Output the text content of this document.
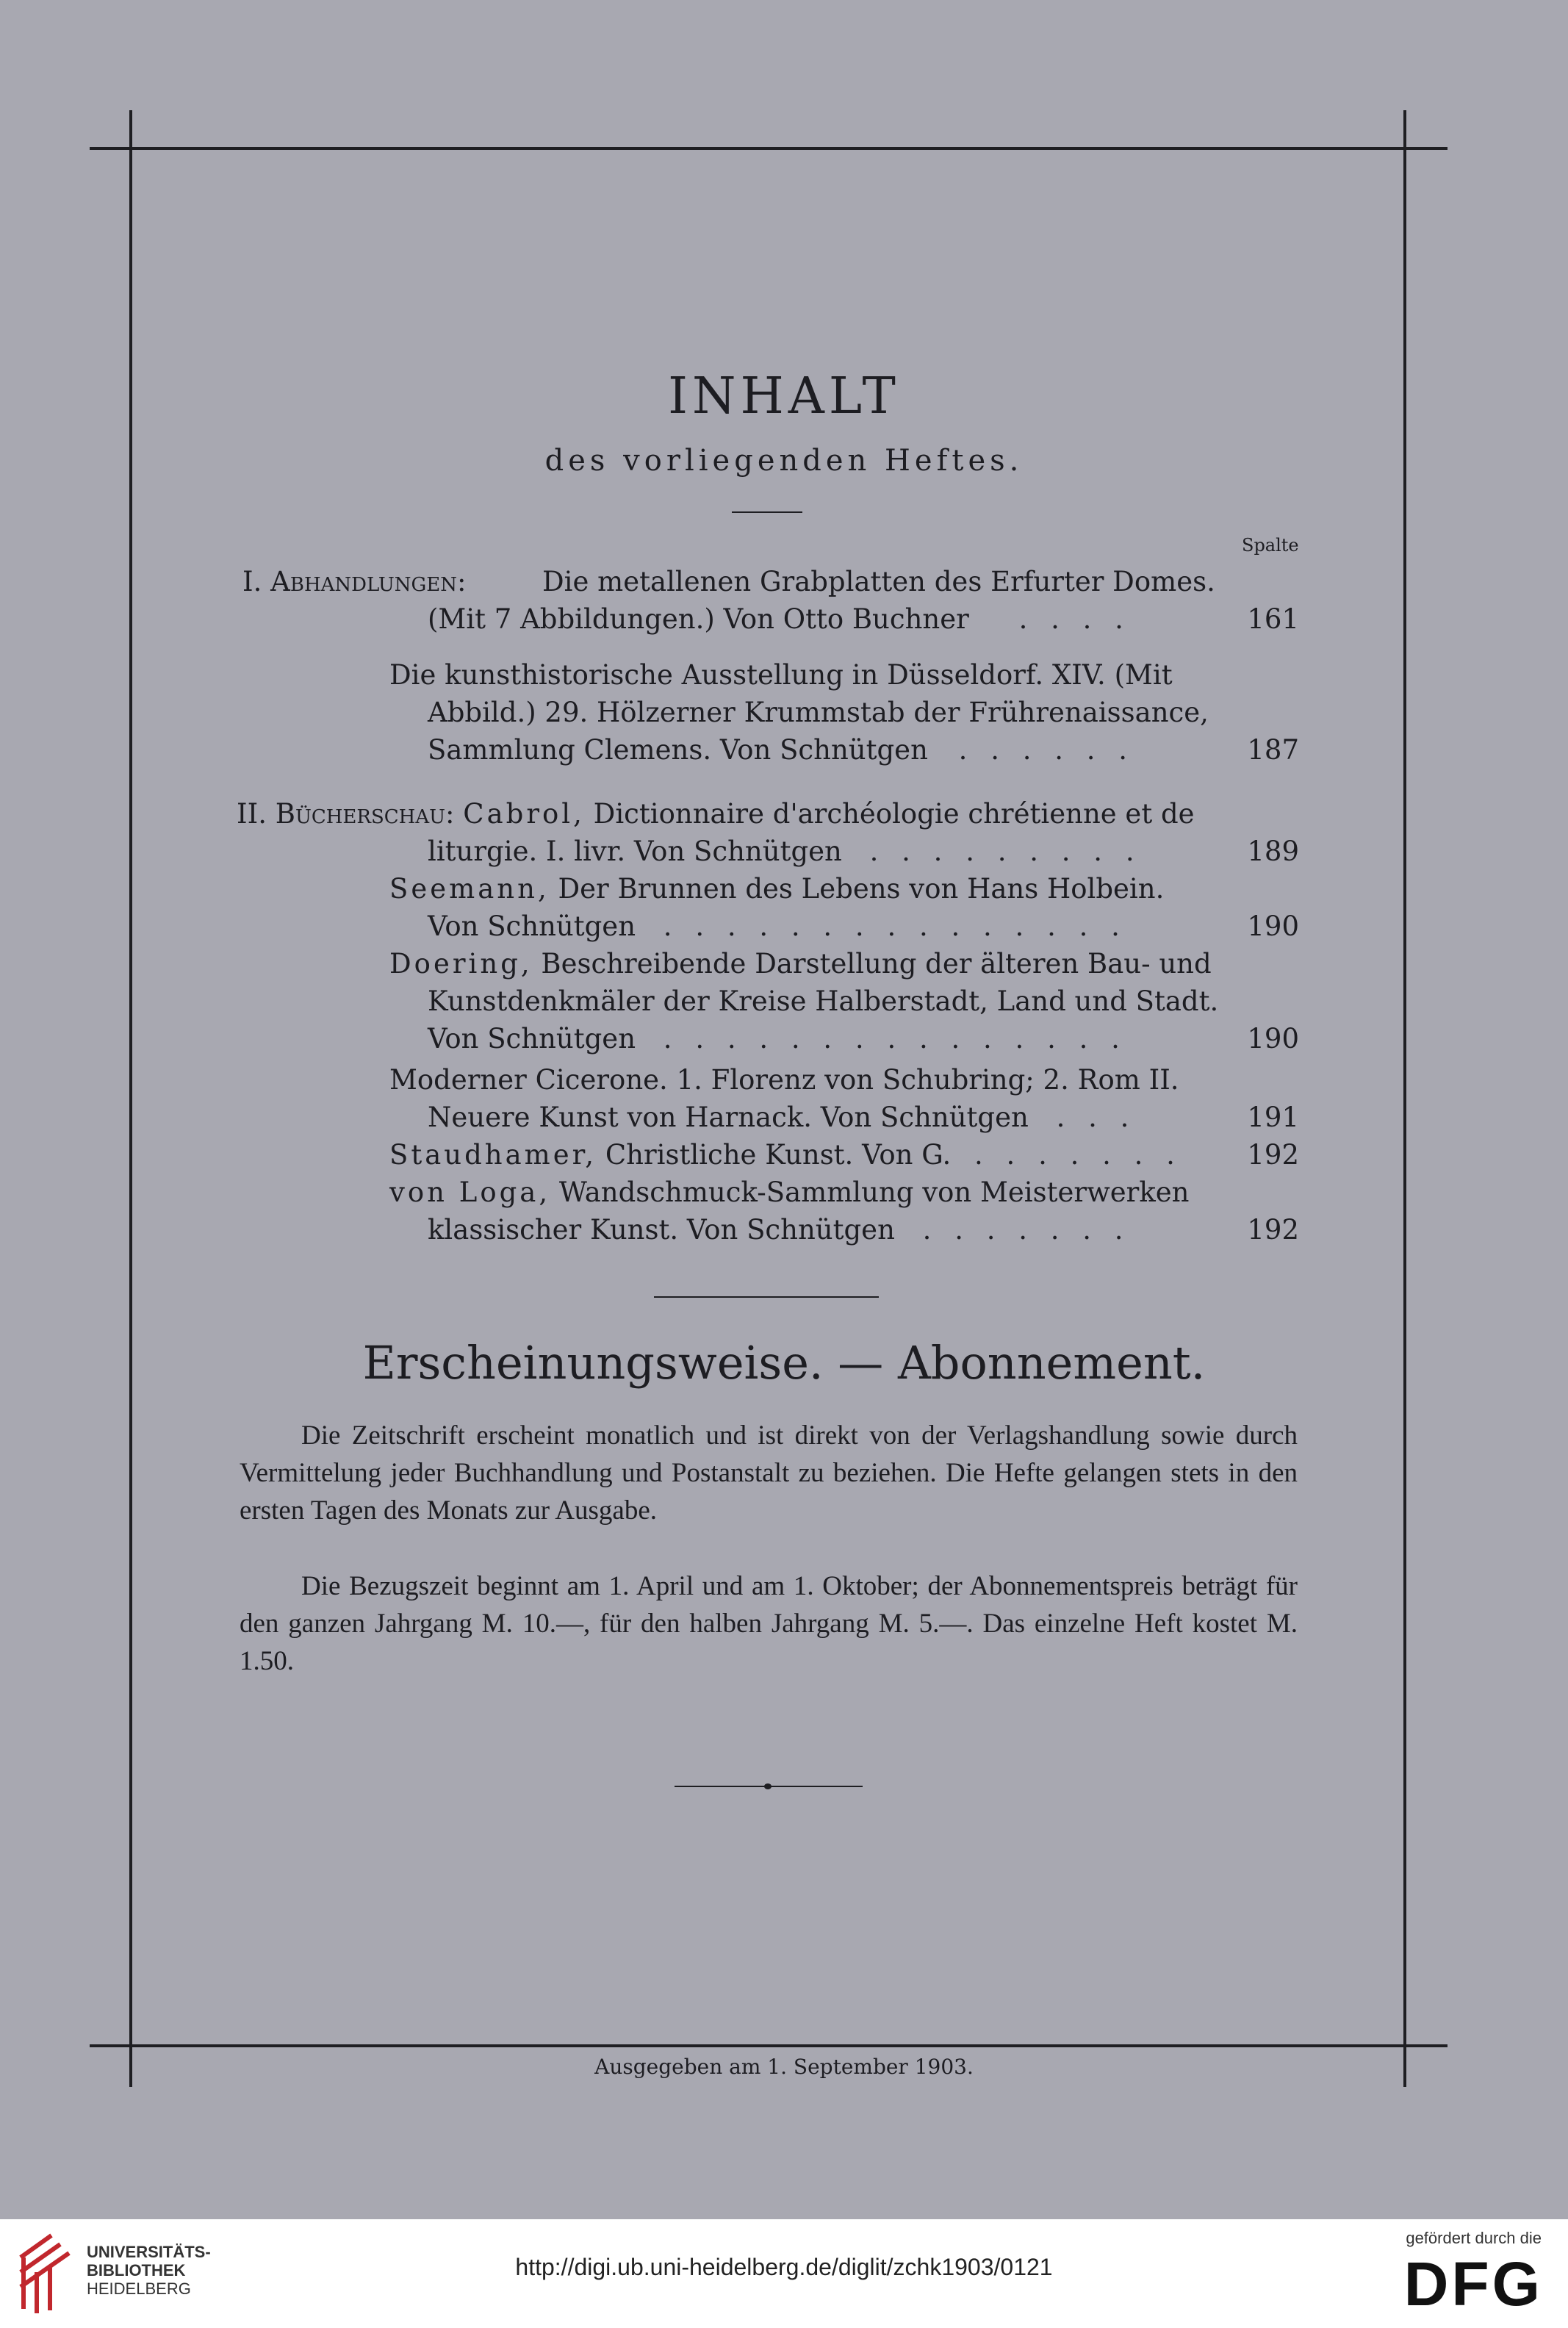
INHALT
des vorliegenden Heftes.
Spalte
I. Abhandlungen:	Die metallenen Grabplatten des Erfurter Domes.
(Mit 7 Abbildungen.) Von Otto Buchner . . . .	161
Die kunsthistorische Ausstellung in Düsseldorf. XIV. (Mit
Abbild.) 29. Hölzerner Krummstab der Frührenaissance,
Sammlung Clemens. Von Schnütgen . . . . . .	187
II. Bücherschau: Cabrol, Dictionnaire d'archéologie chrétienne et de
liturgie. I. livr. Von Schnütgen . . . . . . . . .	189
Seemann, Der Brunnen des Lebens von Hans Holbein.
Von Schnütgen . . . . . . . . . . . . . . .	190
Doering, Beschreibende Darstellung der älteren Bau- und
Kunstdenkmäler der Kreise Halberstadt, Land und Stadt.
Von Schnütgen . . . . . . . . . . . . . . .	190
Moderner Cicerone. 1. Florenz von Schubring; 2. Rom II.
Neuere Kunst von Harnack. Von Schnütgen . . .	191
Staudhamer, Christliche Kunst. Von G. . . . . . . . 192
von Loga, Wandschmuck-Sammlung von Meisterwerken
klassischer Kunst. Von Schnütgen . . . . . . .	192
Erscheinungsweise. — Abonnement.
Die Zeitschrift erscheint monatlich und ist direkt von der Verlagshandlung sowie durch Vermittelung jeder Buchhandlung und Postanstalt zu beziehen. Die Hefte gelangen stets in den ersten Tagen des Monats zur Ausgabe.
Die Bezugszeit beginnt am 1. April und am 1. Oktober; der Abonnementspreis beträgt für den ganzen Jahrgang M. 10.—, für den halben Jahrgang M. 5.—. Das einzelne Heft kostet M. 1.50.
Ausgegeben am 1. September 1903.
UNIVERSITÄTS-
BIBLIOTHEK
HEIDELBERG
http://digi.ub.uni-heidelberg.de/diglit/zchk1903/0121
gefördert durch die
DFG
